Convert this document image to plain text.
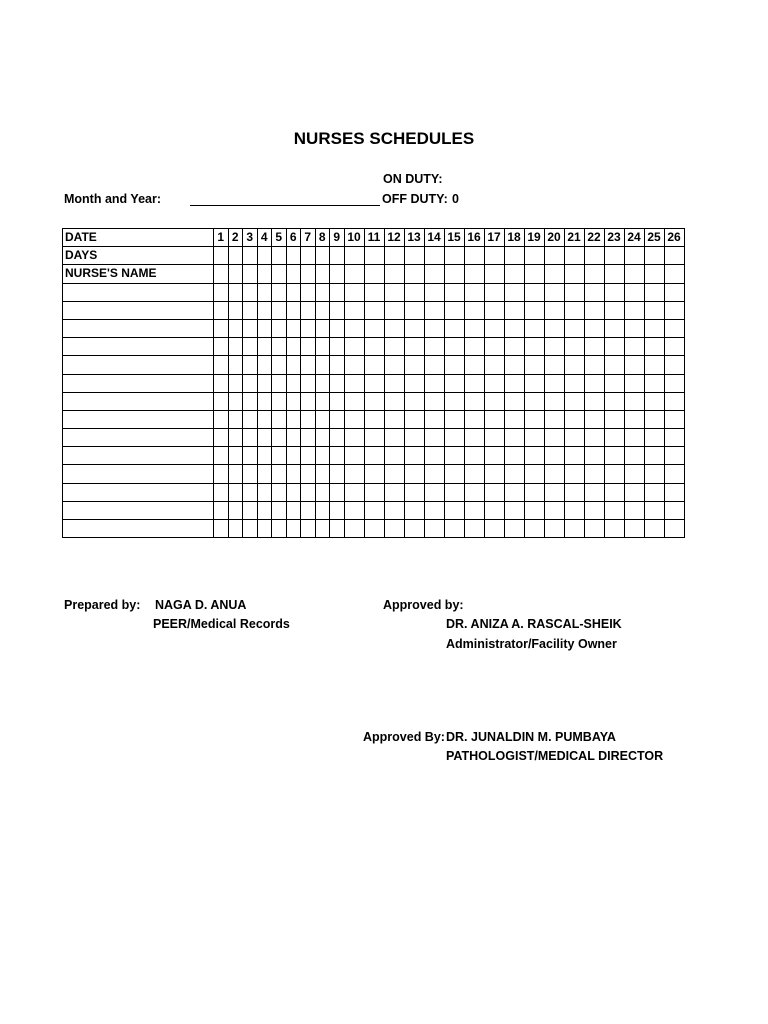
NURSES SCHEDULES
ON DUTY:
Month and Year:	OFF DUTY: 0
DATE	1	2	3	4	5	6	7	8	9	10	11	12	13	14	15	16	17	18	19	20	21	22	23	24	25	26
DAYS																										
NURSE'S NAME																										

Prepared by: NAGA D. ANUA
PEER/Medical Records
Approved by:
DR. ANIZA A. RASCAL-SHEIK
Administrator/Facility Owner
Approved By: DR. JUNALDIN M. PUMBAYA
PATHOLOGIST/MEDICAL DIRECTOR
